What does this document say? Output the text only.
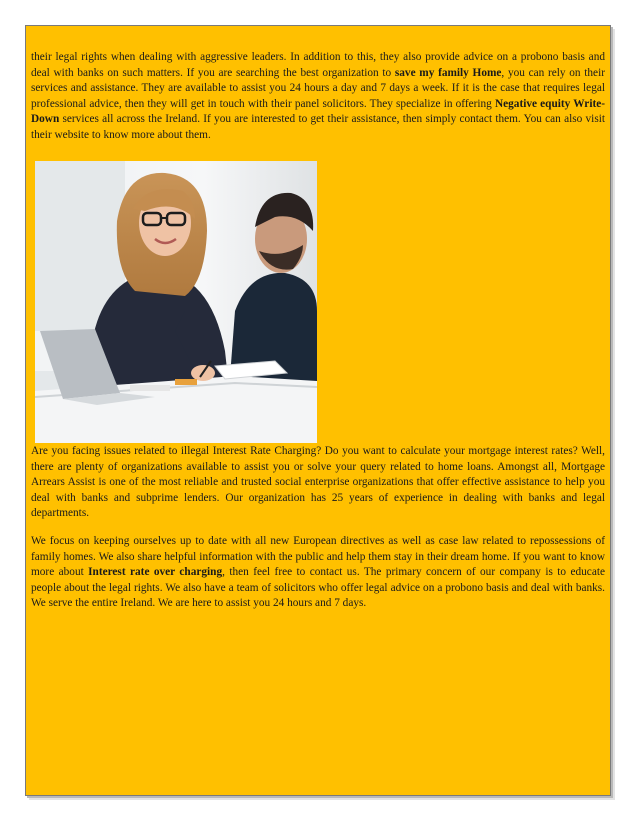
their legal rights when dealing with aggressive leaders. In addition to this, they also provide advice on a probono basis and deal with banks on such matters. If you are searching the best organization to save my family Home, you can rely on their services and assistance. They are available to assist you 24 hours a day and 7 days a week. If it is the case that requires legal professional advice, then they will get in touch with their panel solicitors. They specialize in offering Negative equity Write-Down services all across the Ireland. If you are interested to get their assistance, then simply contact them. You can also visit their website to know more about them.

Are you facing issues related to illegal Interest Rate Charging? Do you want to calculate your mortgage interest rates? Well, there are plenty of organizations available to assist you or solve your query related to home loans. Amongst all, Mortgage Arrears Assist is one of the most reliable and trusted social enterprise organizations that offer effective assistance to help you deal with banks and subprime lenders. Our organization has 25 years of experience in dealing with banks and legal departments.

We focus on keeping ourselves up to date with all new European directives as well as case law related to repossessions of family homes. We also share helpful information with the public and help them stay in their dream home. If you want to know more about Interest rate over charging, then feel free to contact us. The primary concern of our company is to educate people about the legal rights. We also have a team of solicitors who offer legal advice on a probono basis and deal with banks. We serve the entire Ireland. We are here to assist you 24 hours and 7 days.
